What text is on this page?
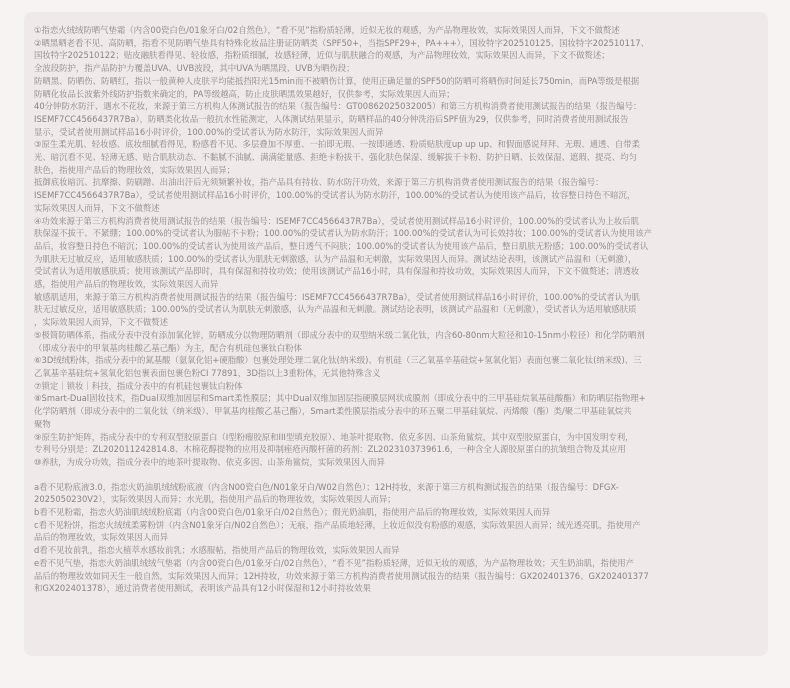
①指恋火绒绒防晒气垫霜（内含00瓷白色/01象牙白/02自然色），“看不见”指粉质轻薄，近似无妆的观感，为产品物理妆效，实际效果因人而异，下文不做赘述
②晒黑晒老看不见、高防晒，指看不见防晒气垫具有特殊化妆品注册证防晒类（SPF50+，当指SPF29+，PA+++），国妆特字202510125、国妆特字202510117、
国妆特字202510122；贴皮融肤看得见、轻妆感，指粉质细腻，妆感轻薄，近似与肌肤融合的观感，为产品物理妆效，实际效果因人而异，下文不做赘述；
全波段防护，指产品防护力覆盖UVA、UVB波段，其中UVA为晒黑段、UVB为晒伤段；
防晒黑、防晒伤、防晒红，指以一般黄种人皮肤平均能抵挡阳光15min而不被晒伤计算，使用正确足量的SPF50的防晒可将晒伤时间延长750min，而PA等级是根据
防晒化妆品长波紫外线防护指数来确定的，PA等级越高，防止皮肤晒黑效果越好，仅供参考，实际效果因人而异；
40分钟防水防汗、遇水不花妆，来源于第三方机构人体测试报告的结果（报告编号：GT00862025032005）和第三方机构消费者使用测试报告的结果（报告编号：
ISEMF7CC4566437R7Ba），防晒类化妆品一般抗水性能测定，人体测试结果显示，防晒样品的40分钟洗浴后SPF值为29，仅供参考，同时消费者使用测试报告
显示，受试者使用测试样品16小时评价，100.00%的受试者认为防水防汗，实际效果因人而异
③原生柔光肌、轻妆感、底妆细腻看得见，粉感看不见、多层叠加不厚重、一拍即无瑕、一按即通透、粉质贴肤度up up up、和假面感说拜拜、无瑕、通透、自带柔
光、暗沉看不见、轻薄无感、贴合肌肤动态、不黏腻不油腻、满满能量感、拒绝卡粉拔干、强化肤色保湿、缓解拔干卡粉、防护日晒、长效保湿、遮瑕、提亮、均匀
肤色，指使用产品后的物理妆效，实际效果因人而异；
抵御底妆暗沉、抗摩擦、防刷蹭、出油出汗后无须频繁补妆，指产品具有持妆、防水防汗功效，来源于第三方机构消费者使用测试报告的结果（报告编号：
ISEMF7CC4566437R7Ba），受试者使用测试样品16小时评价，100.00%的受试者认为防水防汗，100.00%的受试者认为使用该产品后，妆容整日持色不暗沉，
实际效果因人而异，下文不做赘述
④功效来源于第三方机构消费者使用测试报告的结果（报告编号：ISEMF7CC4566437R7Ba），受试者使用测试样品16小时评价，100.00%的受试者认为上妆后肌
肤保湿不拔干、不紧绷；100.00%的受试者认为服帖不卡粉；100.00%的受试者认为防水防汗；100.00%的受试者认为可长效持妆；100.00%的受试者认为使用该产
品后，妆容整日持色不暗沉；100.00%的受试者认为使用该产品后，整日透气不闷肤；100.00%的受试者认为使用该产品后，整日肌肤无粉感；100.00%的受试者认
为肌肤无过敏反应，适用敏感肤质；100.00%的受试者认为肌肤无刺激感，认为产品温和无刺激，实际效果因人而异。测试结论表明，该测试产品温和（无刺激），
受试者认为适用敏感肤质；使用该测试产品即时，具有保湿和持妆功效；使用该测试产品16小时，具有保湿和持妆功效，实际效果因人而异，下文不做赘述；清透妆
感，指使用产品后的物理妆效，实际效果因人而异
敏感肌适用，来源于第三方机构消费者使用测试报告的结果（报告编号：ISEMF7CC4566437R7Ba），受试者使用测试样品16小时评价，100.00%的受试者认为肌
肤无过敏反应，适用敏感肤质；100.00%的受试者认为肌肤无刺激感，认为产品温和无刺激。测试结论表明，该测试产品温和（无刺激），受试者认为适用敏感肤质
，实际效果因人而异，下文不做赘述
⑤极简防晒体系，指成分表中没有添加氧化锌，防晒成分以物理防晒剂（即成分表中的双型纳米级二氧化钛，内含60-80nm大粒径和10-15nm小粒径）和化学防晒剂
（即成分表中的甲氧基肉桂酸乙基己酯）为主，配合有机硅包裹钛白粉体
⑥3D绒绒粉体，指成分表中的氮基酸（氨氧化铝+硬脂酸）包裹处理处理二氧化钛(纳米级)、有机硅（三乙氧基辛基硅烷+氢氧化铝）表面包裹二氧化钛(纳米级)、三
乙氧基辛基硅烷+氢氧化铝包裹表面包裹色粉CI 77891，3D指以上3重粉体，无其他特殊含义
⑦锁定｜锁妆｜科技，指成分表中的有机硅包裹钛白粉体
⑧Smart-Dual固妆技术，指Dual双维加固层和Smart柔性膜层；其中Dual双维加固层指硬膜层网状成膜剂（即成分表中的三甲基硅烷氧基硅酸酯）和防晒层指物理+
化学防晒剂（即成分表中的二氧化钛（纳米级）、甲氧基肉桂酸乙基己酯），Smart柔性膜层指成分表中的环五聚二甲基硅氧烷、丙烯酸（酯）类/聚二甲基硅氧烷共
聚物
⑨原生防护矩阵，指成分表中的专利双型胶原蛋白（I型粉瘤胶原和III型填充胶原）、地茶叶提取物、依克多因、山茶角鲨烷，其中双型胶原蛋白，为中国发明专利，
专利号分别是：ZL202011242814.8、木棉花醇提物的应用及抑制痤疮丙酸杆菌的药剂：ZL202310373961.6，一种含全人源胶原蛋白的抗皱组合物及其应用
⑩养肤，为成分功效，指成分表中的地茶叶提取物、依克多因、山茶角鲨烷，实际效果因人而异
a看不见粉底液3.0，指恋火奶油肌绒绒粉底液（内含N00瓷白色/N01象牙白/W02自然色）；12H持妆，来源于第三方机构测试报告的结果（报告编号：DFGX-
2025050230V2），实际效果因人而异；水光肌，指使用产品后的物理妆效，实际效果因人而异；
b看不见粉霜，指恋火奶油肌绒绒粉底霜（内含00瓷白色/01象牙白/02自然色）；假光奶油肌，指使用产品后的物理妆效，实际效果因人而异
c看不见粉饼，指恋火绒绒柔雾粉饼（内含N01象牙白/N02自然色）；无痕，指产品质地轻薄，上妆近似没有粉感的观感，实际效果因人而异；绒光透亮肌，指使用产
品后的物理妆效，实际效果因人而异
d看不见妆前乳，指恋火植萃水感妆前乳；水感服帖，指使用产品后的物理妆效，实际效果因人而异
e看不见气垫，指恋火奶油肌绒绒气垫霜（内含00瓷白色/01象牙白/02自然色），“看不见”指粉质轻薄，近似无妆的观感，为产品物理妆效；天生奶油肌，指使用产
品后的物理妆效如同天生一般自然，实际效果因人而异；12H持妆，功效来源于第三方机构消费者使用测试报告的结果（报告编号：GX202401376、GX202401377
和GX202401378），通过消费者使用测试，表明该产品具有12小时保湿和12小时持妆效果
